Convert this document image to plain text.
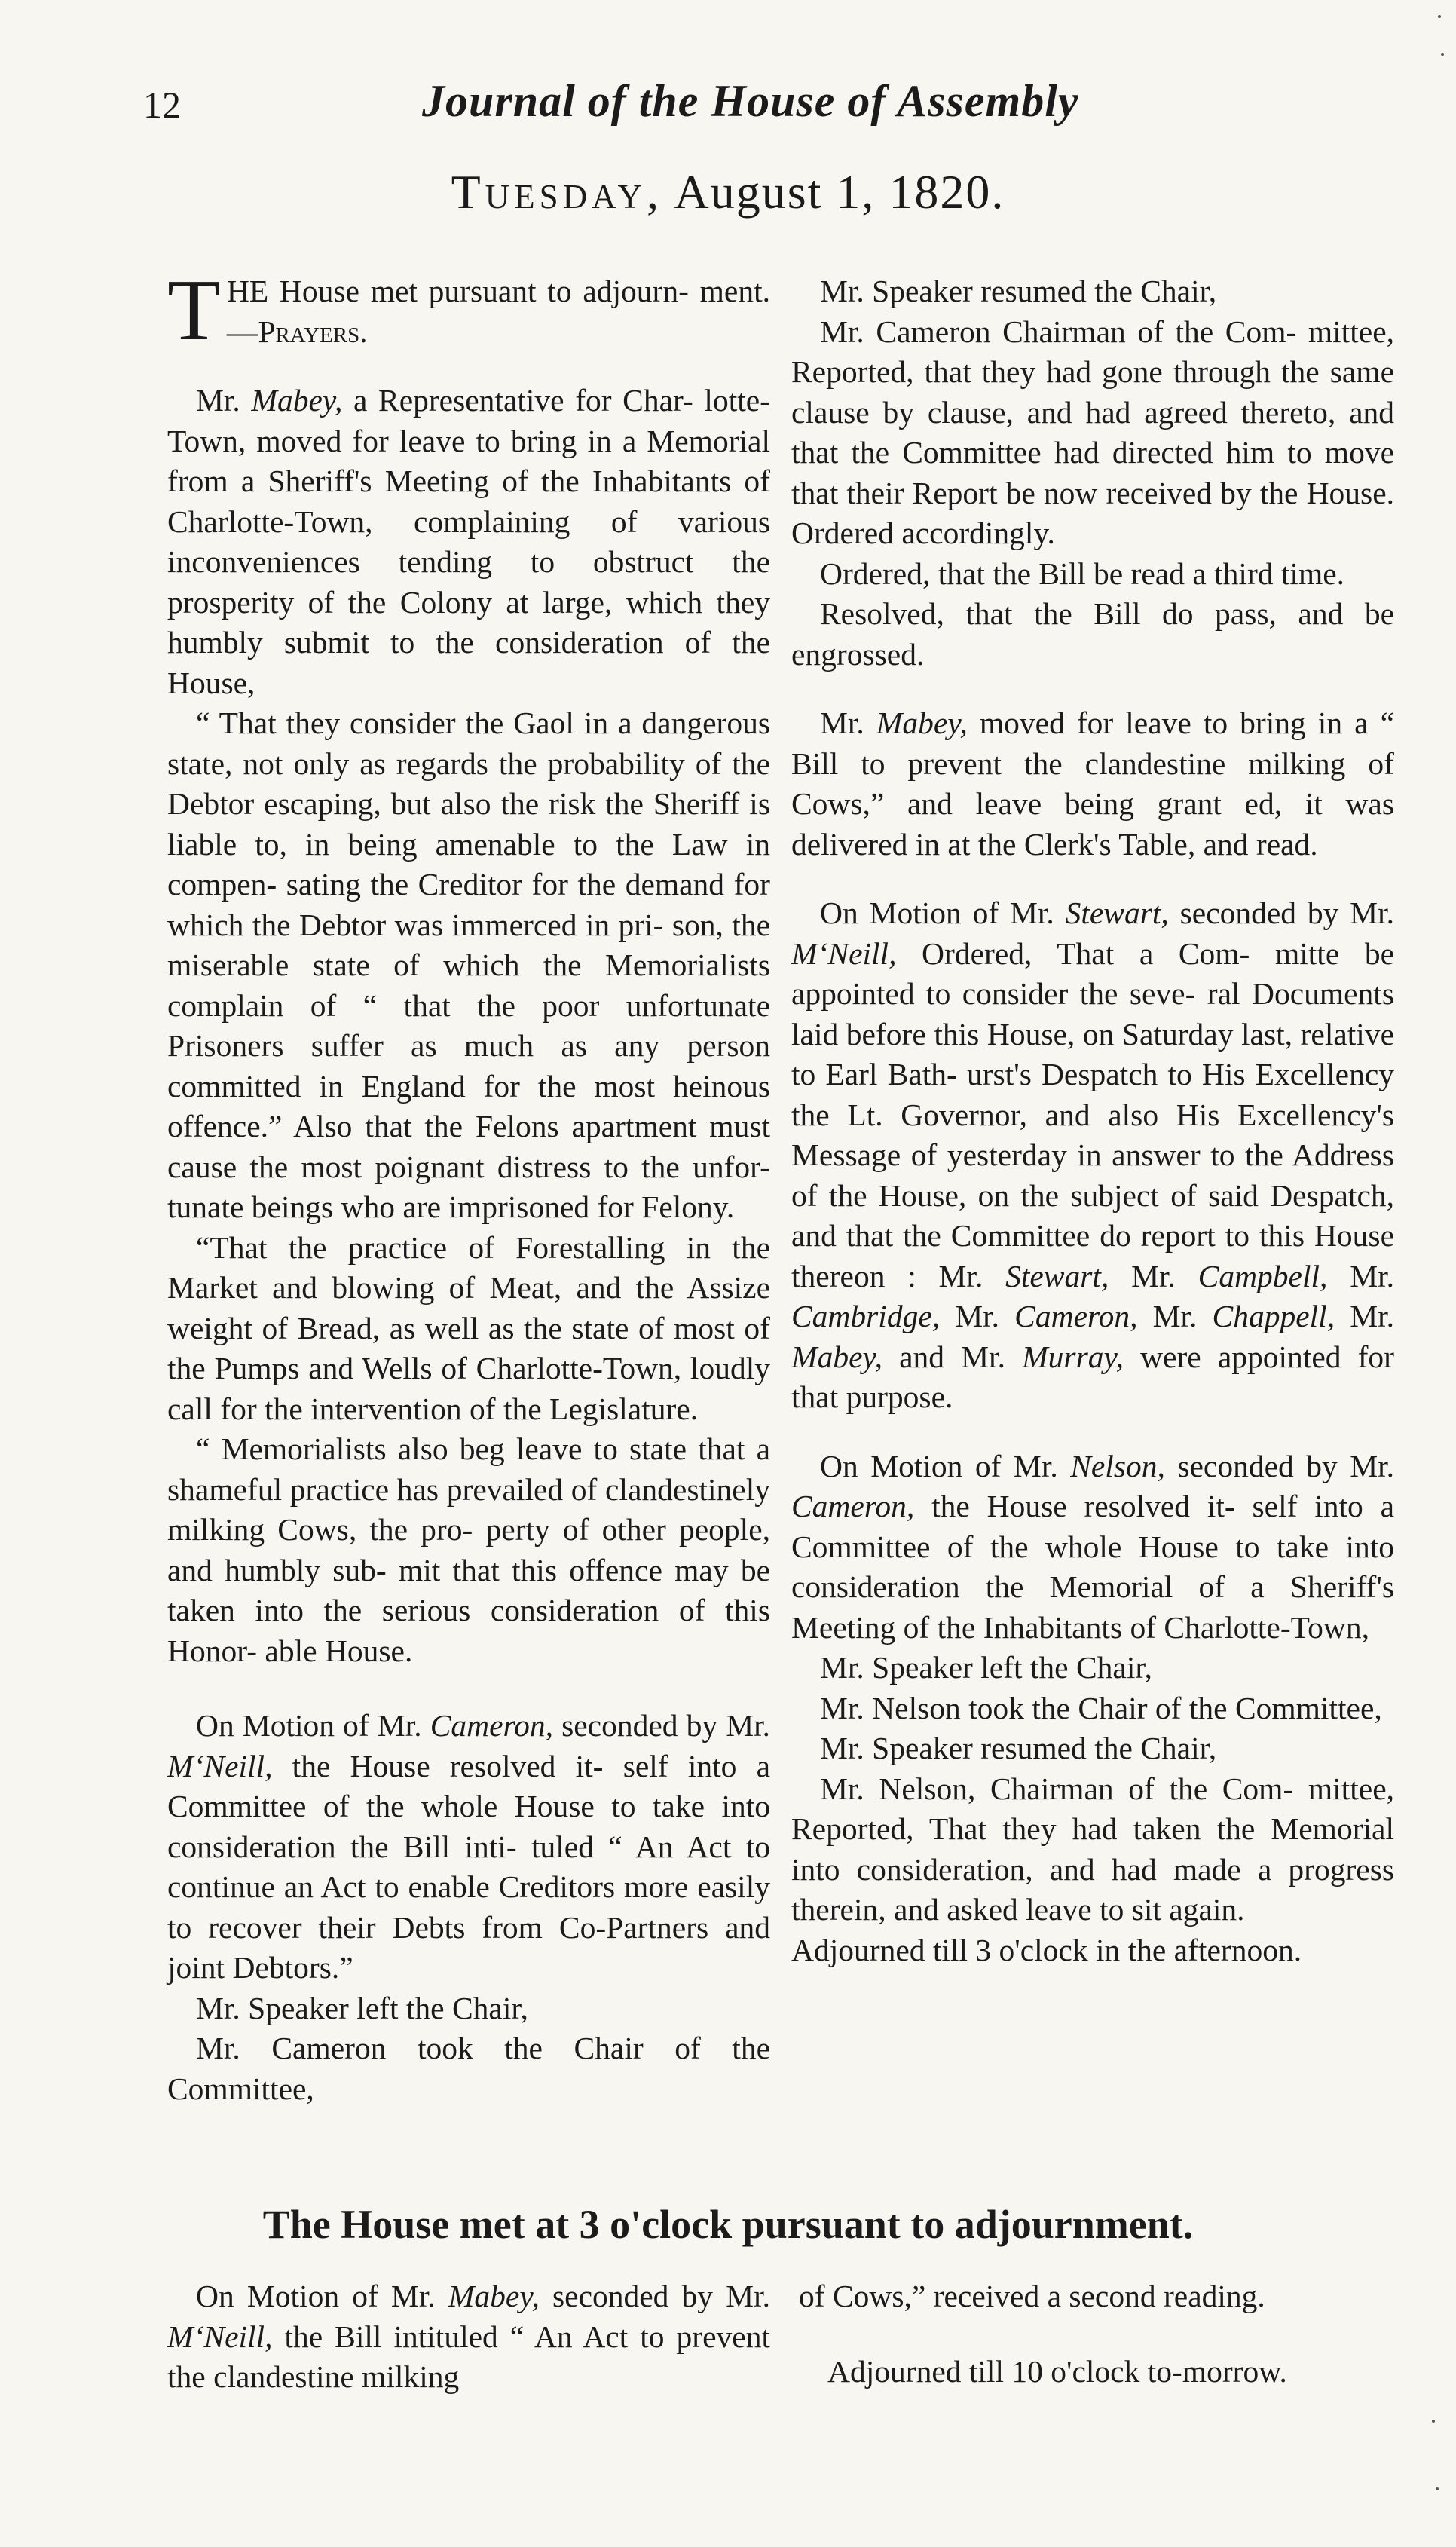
12	Journal of the House of Assembly
Tuesday, August 1, 1820.

THE House met pursuant to adjourn- ment.—Prayers.

Mr. Mabey, a Representative for Char- lotte-Town, moved for leave to bring in a Memorial from a Sheriff's Meeting of the Inhabitants of Charlotte-Town, complaining of various inconveniences tending to obstruct the prosperity of the Colony at large, which they humbly submit to the consideration of the House,

“ That they consider the Gaol in a dangerous state, not only as regards the probability of the Debtor escaping, but also the risk the Sheriff is liable to, in being amenable to the Law in compen- sating the Creditor for the demand for which the Debtor was immerced in pri- son, the miserable state of which the Memorialists complain of “ that the poor unfortunate Prisoners suffer as much as any person committed in England for the most heinous offence.” Also that the Felons apartment must cause the most poignant distress to the unfor- tunate beings who are imprisoned for Felony.

“That the practice of Forestalling in the Market and blowing of Meat, and the Assize weight of Bread, as well as the state of most of the Pumps and Wells of Charlotte-Town, loudly call for the intervention of the Legislature.

“ Memorialists also beg leave to state that a shameful practice has prevailed of clandestinely milking Cows, the pro- perty of other people, and humbly sub- mit that this offence may be taken into the serious consideration of this Honor- able House.

On Motion of Mr. Cameron, seconded by Mr. M‘Neill, the House resolved it- self into a Committee of the whole House to take into consideration the Bill inti- tuled “ An Act to continue an Act to enable Creditors more easily to recover their Debts from Co-Partners and joint Debtors.”

Mr. Speaker left the Chair,

Mr. Cameron took the Chair of the Committee,

Mr. Speaker resumed the Chair,

Mr. Cameron Chairman of the Com- mittee, Reported, that they had gone through the same clause by clause, and had agreed thereto, and that the Committee had directed him to move that their Report be now received by the House. Ordered accordingly.

Ordered, that the Bill be read a third time.

Resolved, that the Bill do pass, and be engrossed.

Mr. Mabey, moved for leave to bring in a “ Bill to prevent the clandestine milking of Cows,” and leave being grant ed, it was delivered in at the Clerk's Table, and read.

On Motion of Mr. Stewart, seconded by Mr. M‘Neill, Ordered, That a Com- mitte be appointed to consider the seve- ral Documents laid before this House, on Saturday last, relative to Earl Bath- urst's Despatch to His Excellency the Lt. Governor, and also His Excellency's Message of yesterday in answer to the Address of the House, on the subject of said Despatch, and that the Committee do report to this House thereon : Mr. Stewart, Mr. Campbell, Mr. Cambridge, Mr. Cameron, Mr. Chappell, Mr. Mabey, and Mr. Murray, were appointed for that purpose.

On Motion of Mr. Nelson, seconded by Mr. Cameron, the House resolved it- self into a Committee of the whole House to take into consideration the Memorial of a Sheriff's Meeting of the Inhabitants of Charlotte-Town,

Mr. Speaker left the Chair,

Mr. Nelson took the Chair of the Committee,

Mr. Speaker resumed the Chair,

Mr. Nelson, Chairman of the Com- mittee, Reported, That they had taken the Memorial into consideration, and had made a progress therein, and asked leave to sit again.

Adjourned till 3 o'clock in the afternoon.

The House met at 3 o'clock pursuant to adjournment.

On Motion of Mr. Mabey, seconded by Mr. M‘Neill, the Bill intituled “ An Act to prevent the clandestine milking

of Cows,” received a second reading.

Adjourned till 10 o'clock to-morrow.
